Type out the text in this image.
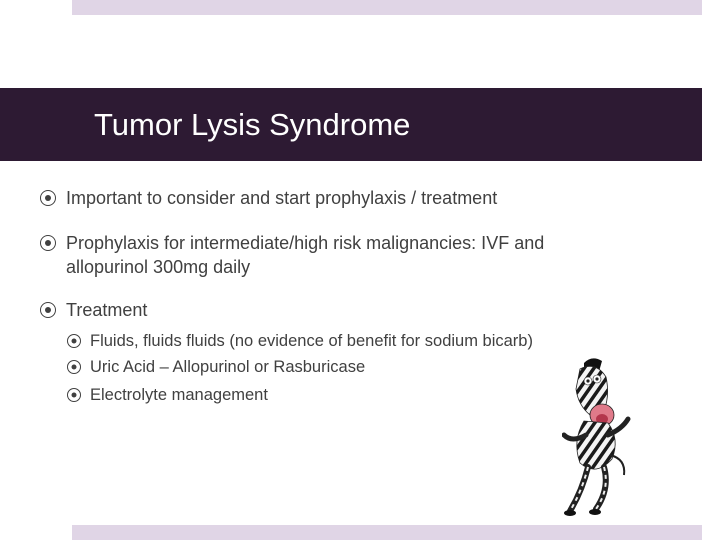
Tumor Lysis Syndrome
Important to consider and start prophylaxis / treatment
Prophylaxis for intermediate/high risk malignancies: IVF and
allopurinol 300mg daily
Treatment
Fluids, fluids fluids (no evidence of benefit for sodium bicarb)
Uric Acid – Allopurinol or Rasburicase
Electrolyte management
